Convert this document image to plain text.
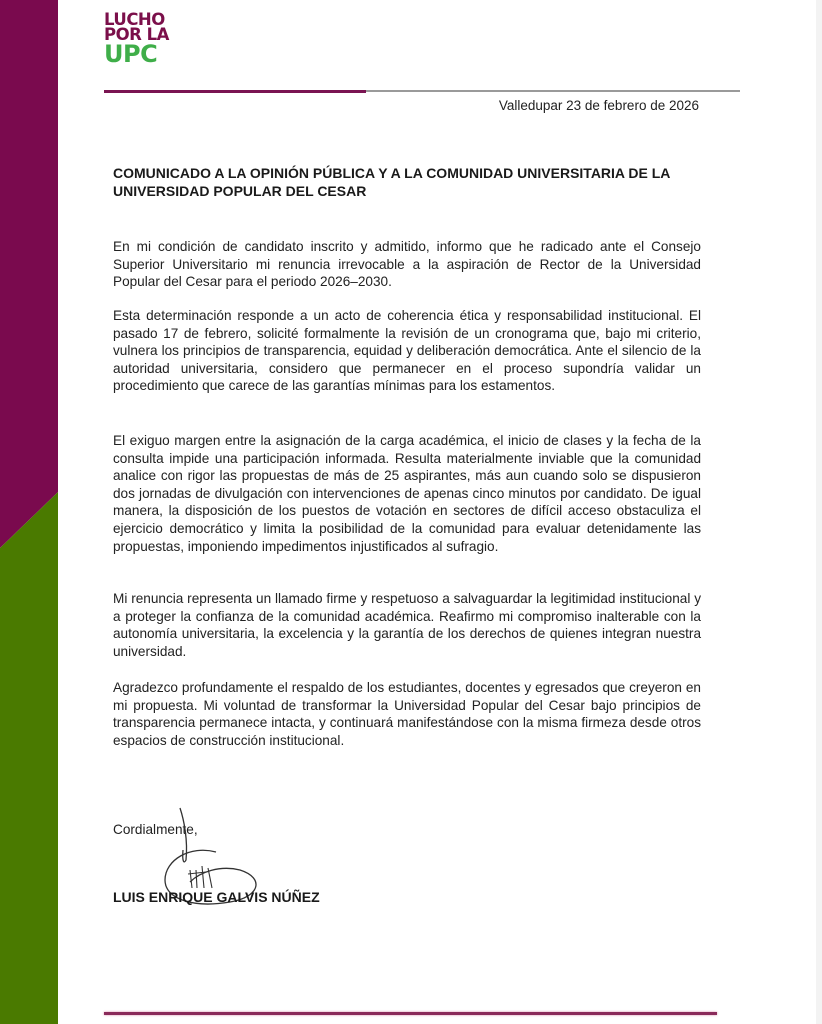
LUCHO
POR LA
UPC
Valledupar 23 de febrero de 2026
COMUNICADO A LA OPINIÓN PÚBLICA Y A LA COMUNIDAD UNIVERSITARIA DE LA UNIVERSIDAD POPULAR DEL CESAR

En mi condición de candidato inscrito y admitido, informo que he radicado ante el Consejo Superior Universitario mi renuncia irrevocable a la aspiración de Rector de la Universidad Popular del Cesar para el periodo 2026–2030.

Esta determinación responde a un acto de coherencia ética y responsabilidad institucional. El pasado 17 de febrero, solicité formalmente la revisión de un cronograma que, bajo mi criterio, vulnera los principios de transparencia, equidad y deliberación democrática. Ante el silencio de la autoridad universitaria, considero que permanecer en el proceso supondría validar un procedimiento que carece de las garantías mínimas para los estamentos.

El exiguo margen entre la asignación de la carga académica, el inicio de clases y la fecha de la consulta impide una participación informada. Resulta materialmente inviable que la comunidad analice con rigor las propuestas de más de 25 aspirantes, más aun cuando solo se dispusieron dos jornadas de divulgación con intervenciones de apenas cinco minutos por candidato. De igual manera, la disposición de los puestos de votación en sectores de difícil acceso obstaculiza el ejercicio democrático y limita la posibilidad de la comunidad para evaluar detenidamente las propuestas, imponiendo impedimentos injustificados al sufragio.

Mi renuncia representa un llamado firme y respetuoso a salvaguardar la legitimidad institucional y a proteger la confianza de la comunidad académica. Reafirmo mi compromiso inalterable con la autonomía universitaria, la excelencia y la garantía de los derechos de quienes integran nuestra universidad.

Agradezco profundamente el respaldo de los estudiantes, docentes y egresados que creyeron en mi propuesta. Mi voluntad de transformar la Universidad Popular del Cesar bajo principios de transparencia permanece intacta, y continuará manifestándose con la misma firmeza desde otros espacios de construcción institucional.

Cordialmente,
LUIS ENRIQUE GALVIS NÚÑEZ
